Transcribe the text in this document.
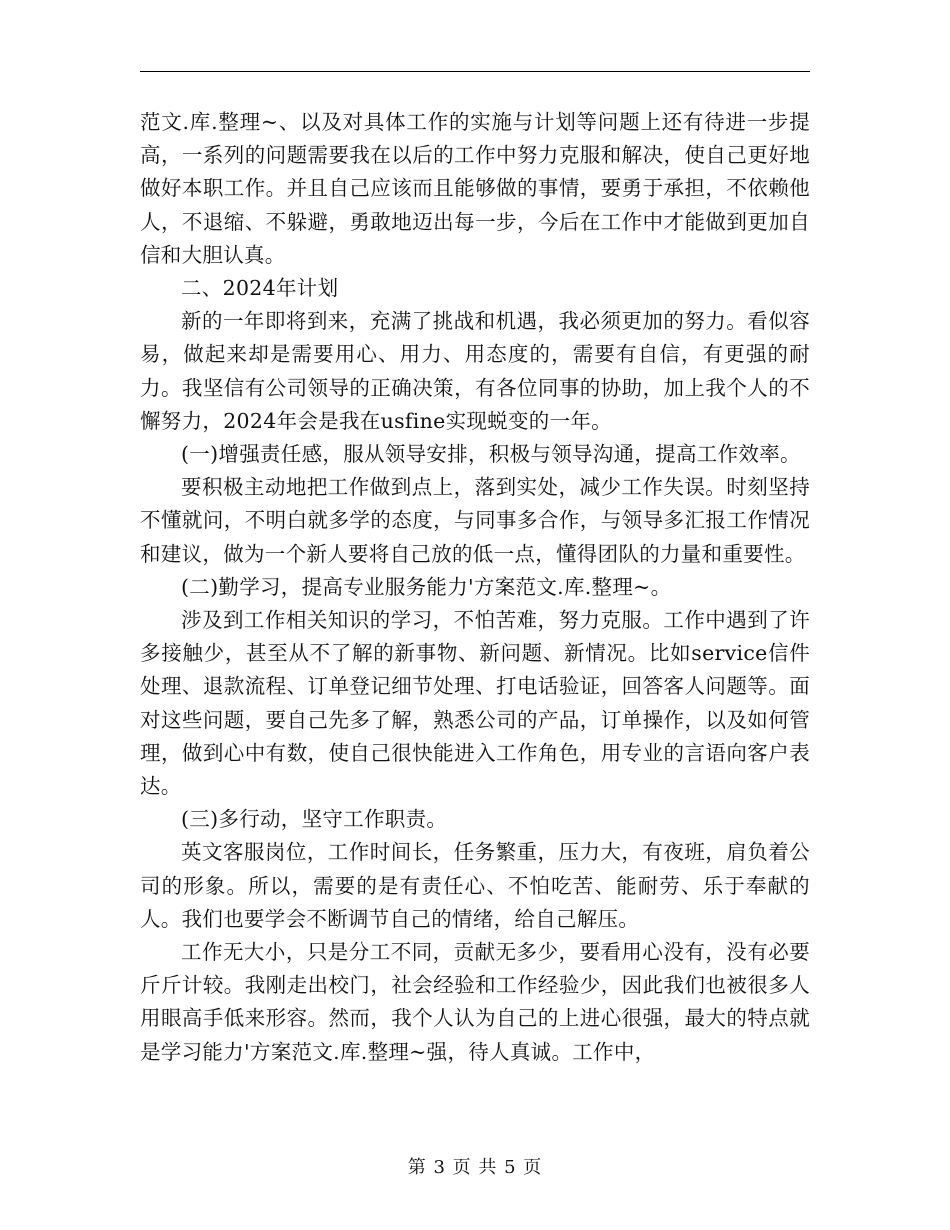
范文.库.整理~、以及对具体工作的实施与计划等问题上还有待进一步提高，一系列的问题需要我在以后的工作中努力克服和解决，使自己更好地做好本职工作。并且自己应该而且能够做的事情，要勇于承担，不依赖他人，不退缩、不躲避，勇敢地迈出每一步，今后在工作中才能做到更加自信和大胆认真。

二、2024年计划

新的一年即将到来，充满了挑战和机遇，我必须更加的努力。看似容易，做起来却是需要用心、用力、用态度的，需要有自信，有更强的耐力。我坚信有公司领导的正确决策，有各位同事的协助，加上我个人的不懈努力，2024年会是我在usfine实现蜕变的一年。

(一)增强责任感，服从领导安排，积极与领导沟通，提高工作效率。

要积极主动地把工作做到点上，落到实处，减少工作失误。时刻坚持不懂就问，不明白就多学的态度，与同事多合作，与领导多汇报工作情况和建议，做为一个新人要将自己放的低一点，懂得团队的力量和重要性。

(二)勤学习，提高专业服务能力'方案范文.库.整理~。

涉及到工作相关知识的学习，不怕苦难，努力克服。工作中遇到了许多接触少，甚至从不了解的新事物、新问题、新情况。比如service信件处理、退款流程、订单登记细节处理、打电话验证，回答客人问题等。面对这些问题，要自己先多了解，熟悉公司的产品，订单操作，以及如何管理，做到心中有数，使自己很快能进入工作角色，用专业的言语向客户表达。

(三)多行动，坚守工作职责。

英文客服岗位，工作时间长，任务繁重，压力大，有夜班，肩负着公司的形象。所以，需要的是有责任心、不怕吃苦、能耐劳、乐于奉献的人。我们也要学会不断调节自己的情绪，给自己解压。

工作无大小，只是分工不同，贡献无多少，要看用心没有，没有必要斤斤计较。我刚走出校门，社会经验和工作经验少，因此我们也被很多人用眼高手低来形容。然而，我个人认为自己的上进心很强，最大的特点就是学习能力'方案范文.库.整理~强，待人真诚。工作中，

第 3 页 共 5 页
